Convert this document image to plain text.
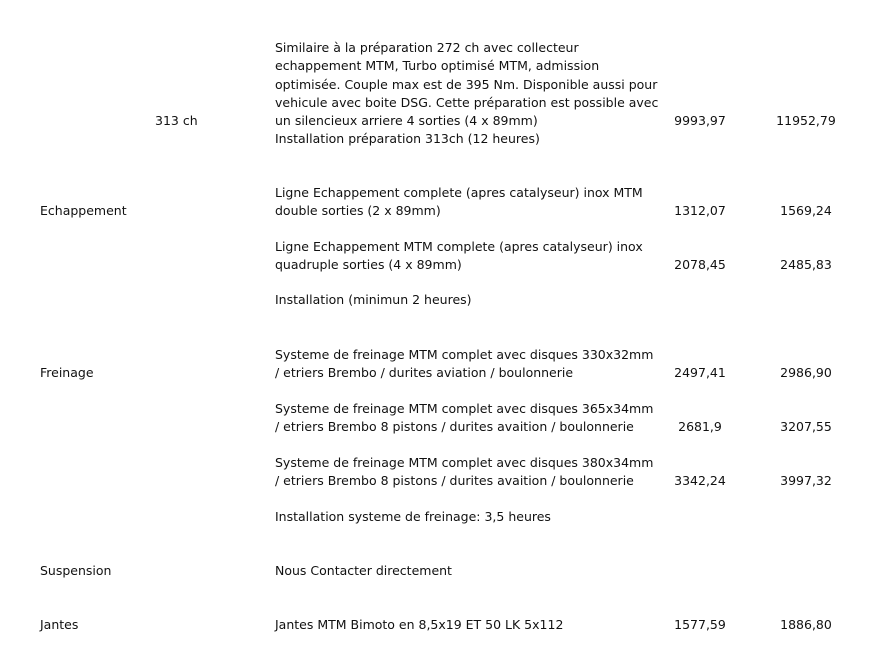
313 ch
Similaire à la préparation 272 ch avec collecteur
echappement MTM, Turbo optimisé MTM, admission
optimisée. Couple max est de 395 Nm. Disponible aussi pour
vehicule avec boite DSG. Cette préparation est possible avec
un silencieux arriere 4 sorties (4 x 89mm)
Installation préparation 313ch (12 heures)
9993,97	11952,79
Echappement
Ligne Echappement complete (apres catalyseur) inox MTM
double sorties (2 x 89mm)	1312,07	1569,24
Ligne Echappement MTM complete (apres catalyseur) inox
quadruple sorties (4 x 89mm)	2078,45	2485,83
Installation (minimun 2 heures)
Freinage
Systeme de freinage MTM complet avec disques 330x32mm
/ etriers Brembo / durites aviation / boulonnerie	2497,41	2986,90
Systeme de freinage MTM complet avec disques 365x34mm
/ etriers Brembo 8 pistons / durites avaition / boulonnerie	2681,9	3207,55
Systeme de freinage MTM complet avec disques 380x34mm
/ etriers Brembo 8 pistons / durites avaition / boulonnerie	3342,24	3997,32
Installation systeme de freinage: 3,5 heures
Suspension	Nous Contacter directement
Jantes	Jantes MTM Bimoto en 8,5x19 ET 50 LK 5x112	1577,59	1886,80
